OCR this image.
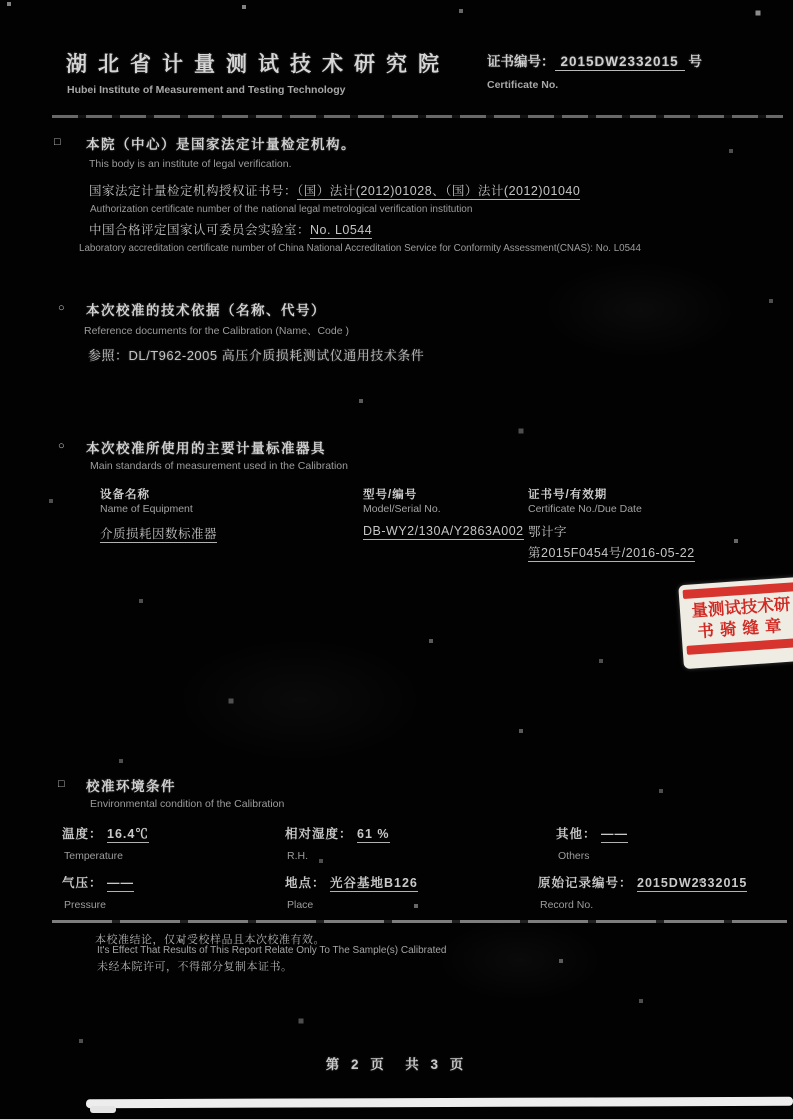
湖北省计量测试技术研究院
Hubei Institute of Measurement and Testing Technology
证书编号： 2015DW2332015 号
Certificate No.
□ 本院（中心）是国家法定计量检定机构。
This body is an institute of legal verification.
国家法定计量检定机构授权证书号：（国）法计(2012)01028、（国）法计(2012)01040
Authorization certificate number of the national legal metrological verification institution
中国合格评定国家认可委员会实验室：No. L0544
Laboratory accreditation certificate number of China National Accreditation Service for Conformity Assessment(CNAS): No. L0544
○ 本次校准的技术依据（名称、代号）
Reference documents for the Calibration (Name、Code )
参照：DL/T962-2005 高压介质损耗测试仪通用技术条件
○ 本次校准所使用的主要计量标准器具
Main standards of measurement used in the Calibration
设备名称
Name of Equipment
型号/编号
Model/Serial No.
证书号/有效期
Certificate No./Due Date
介质损耗因数标准器	DB-WY2/130A/Y2863A002 鄂计字
第2015F0454号/2016-05-22
量测试技术研
书骑缝章
□ 校准环境条件
Environmental condition of the Calibration
温度： 16.4℃
Temperature
相对湿度： 61 %
R.H.
其他： ——
Others
气压： ——
Pressure
地点： 光谷基地B126
Place
原始记录编号： 2015DW2332015
Record No.
本校准结论，仅对受校样品且本次校准有效。
It's Effect That Results of This Report Relate Only To The Sample(s) Calibrated
未经本院许可，不得部分复制本证书。
第 2 页　共 3 页
